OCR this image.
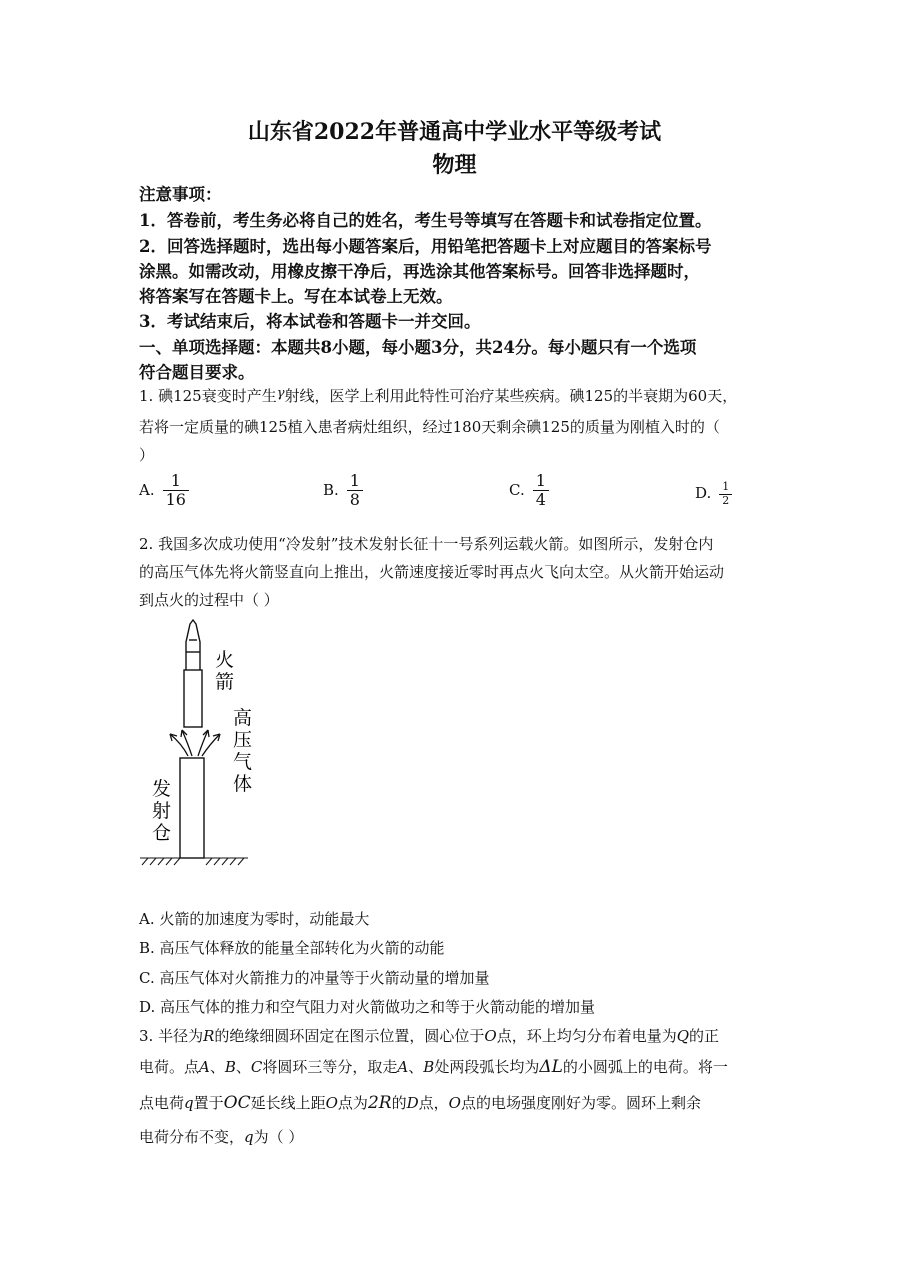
山东省2022年普通高中学业水平等级考试
物理
注意事项：
1．答卷前，考生务必将自己的姓名，考生号等填写在答题卡和试卷指定位置。
2．回答选择题时，选出每小题答案后，用铅笔把答题卡上对应题目的答案标号
涂黑。如需改动，用橡皮擦干净后，再选涂其他答案标号。回答非选择题时，
将答案写在答题卡上。写在本试卷上无效。
3．考试结束后，将本试卷和答题卡一并交回。
一、单项选择题：本题共8小题，每小题3分，共24分。每小题只有一个选项
符合题目要求。
1. 碘125衰变时产生γ射线，医学上利用此特性可治疗某些疾病。碘125的半衰期为60天，
若将一定质量的碘125植入患者病灶组织，经过180天剩余碘125的质量为刚植入时的（
）
A. $\frac{1}{16}$	B. $\frac{1}{8}$	C. $\frac{1}{4}$	D. $\frac{1}{2}$
2. 我国多次成功使用“冷发射”技术发射长征十一号系列运载火箭。如图所示，发射仓内
的高压气体先将火箭竖直向上推出，火箭速度接近零时再点火飞向太空。从火箭开始运动
到点火的过程中（ ）
火
箭
高
压
气
体
发
射
仓
A. 火箭的加速度为零时，动能最大
B. 高压气体释放的能量全部转化为火箭的动能
C. 高压气体对火箭推力的冲量等于火箭动量的增加量
D. 高压气体的推力和空气阻力对火箭做功之和等于火箭动能的增加量
3. 半径为R的绝缘细圆环固定在图示位置，圆心位于O点，环上均匀分布着电量为Q的正
电荷。点A、B、C将圆环三等分，取走A、B处两段弧长均为ΔL的小圆弧上的电荷。将一
点电荷q置于OC延长线上距O点为2R的D点，O点的电场强度刚好为零。圆环上剩余
电荷分布不变，q为（ ）
